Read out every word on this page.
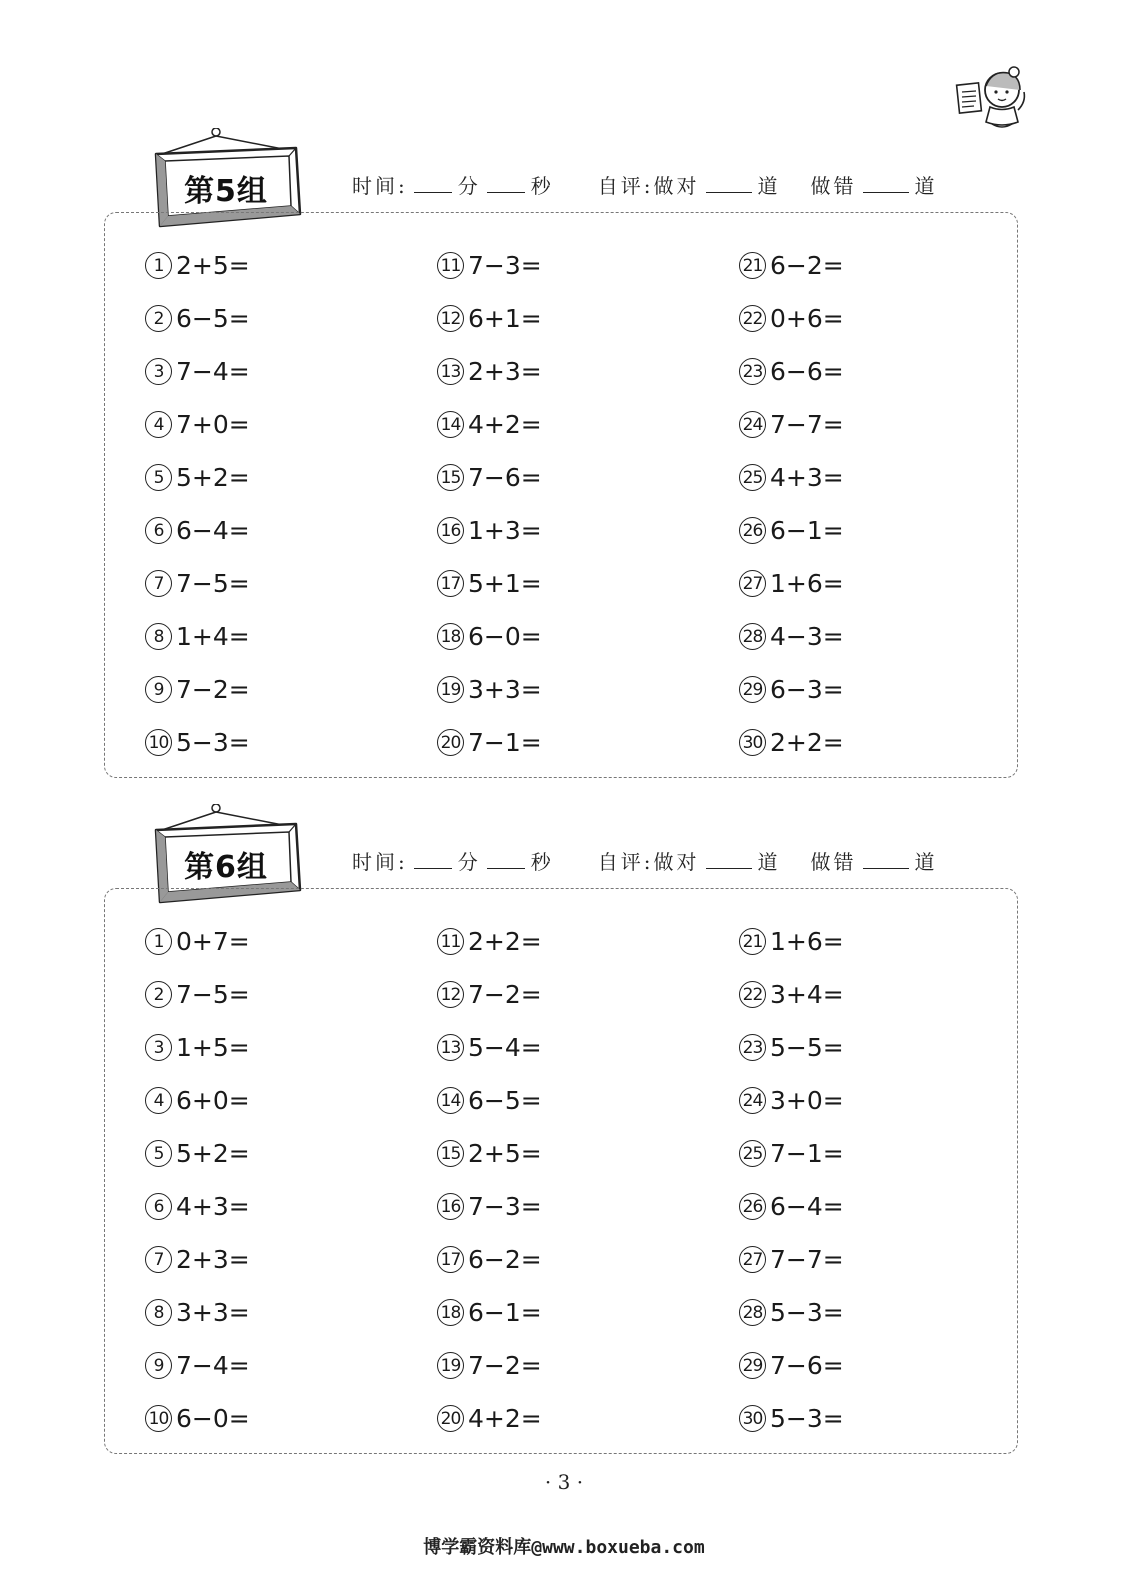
第5组	时间:	分	秒 自评:做对	道 做错	道
1 2+5=
2 6−5=
3 7−4=
4 7+0=
5 5+2=
6 6−4=
7 7−5=
8 1+4=
9 7−2=
10 5−3=
11 7−3=
12 6+1=
13 2+3=
14 4+2=
15 7−6=
16 1+3=
17 5+1=
18 6−0=
19 3+3=
20 7−1=
21 6−2=
22 0+6=
23 6−6=
24 7−7=
25 4+3=
26 6−1=
27 1+6=
28 4−3=
29 6−3=
30 2+2=
第6组	时间:	分	秒 自评:做对	道 做错	道
1 0+7=
2 7−5=
3 1+5=
4 6+0=
5 5+2=
6 4+3=
7 2+3=
8 3+3=
9 7−4=
10 6−0=
11 2+2=
12 7−2=
13 5−4=
14 6−5=
15 2+5=
16 7−3=
17 6−2=
18 6−1=
19 7−2=
20 4+2=
21 1+6=
22 3+4=
23 5−5=
24 3+0=
25 7−1=
26 6−4=
27 7−7=
28 5−3=
29 7−6=
30 5−3=
· 3 ·
博学霸资料库@www.boxueba.com
